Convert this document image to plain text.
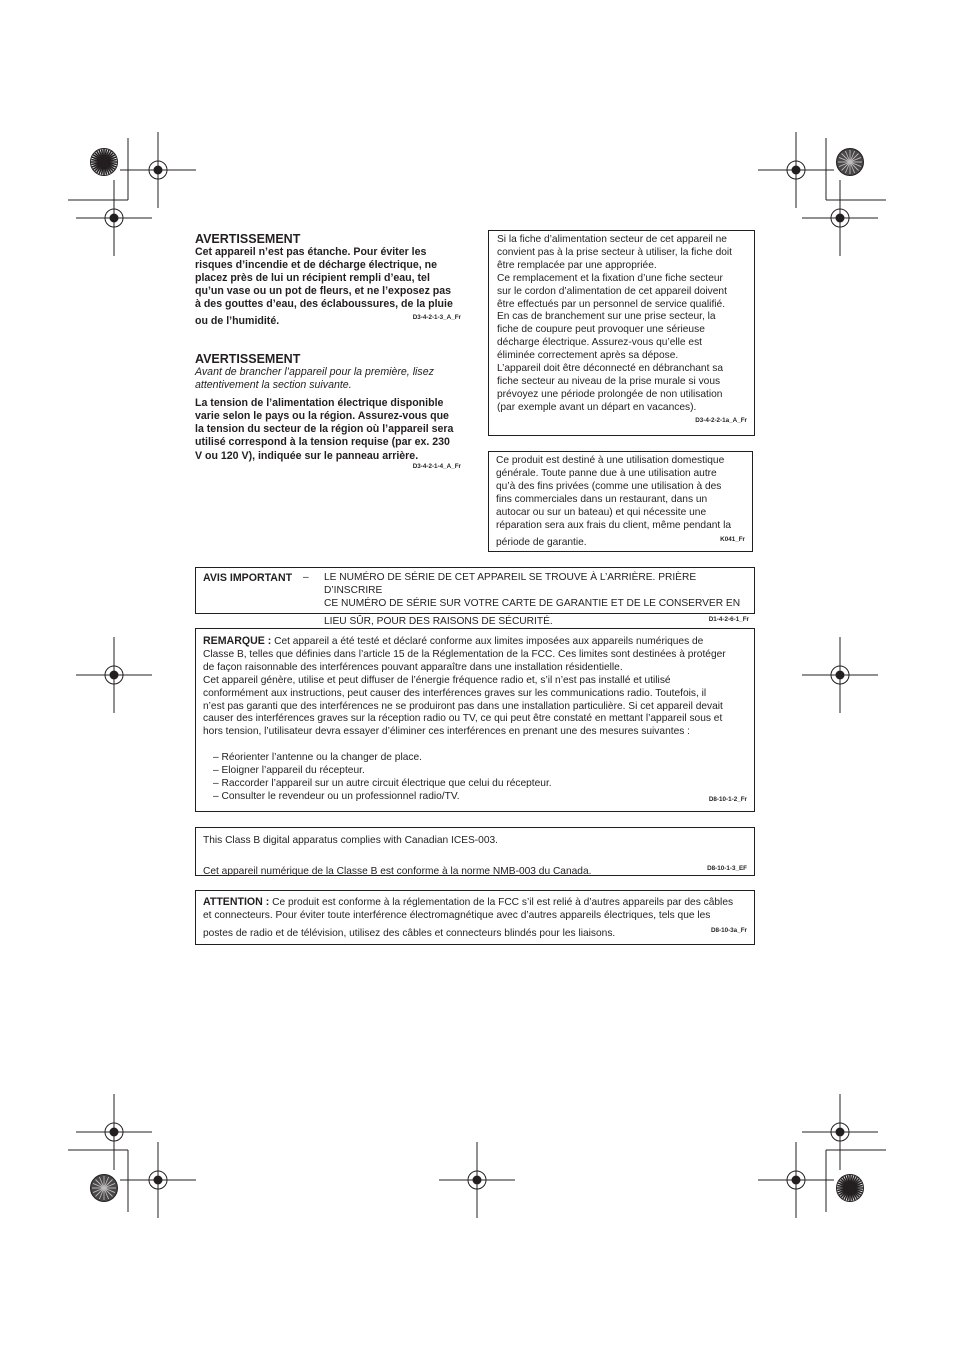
AVERTISSEMENT
Cet appareil n’est pas étanche. Pour éviter les
risques d’incendie et de décharge électrique, ne
placez près de lui un récipient rempli d’eau, tel
qu’un vase ou un pot de fleurs, et ne l’exposez pas
à des gouttes d’eau, des éclaboussures, de la pluie
ou de l’humidité.	D3-4-2-1-3_A_Fr
AVERTISSEMENT
Avant de brancher l’appareil pour la première, lisez
attentivement la section suivante.
La tension de l’alimentation électrique disponible
varie selon le pays ou la région. Assurez-vous que
la tension du secteur de la région où l’appareil sera
utilisé correspond à la tension requise (par ex. 230
V ou 120 V), indiquée sur le panneau arrière.
D3-4-2-1-4_A_Fr
Si la fiche d’alimentation secteur de cet appareil ne
convient pas à la prise secteur à utiliser, la fiche doit
être remplacée par une appropriée.
Ce remplacement et la fixation d’une fiche secteur
sur le cordon d’alimentation de cet appareil doivent
être effectués par un personnel de service qualifié.
En cas de branchement sur une prise secteur, la
fiche de coupure peut provoquer une sérieuse
décharge électrique. Assurez-vous qu’elle est
éliminée correctement après sa dépose.
L’appareil doit être déconnecté en débranchant sa
fiche secteur au niveau de la prise murale si vous
prévoyez une période prolongée de non utilisation
(par exemple avant un départ en vacances).
D3-4-2-2-1a_A_Fr
Ce produit est destiné à une utilisation domestique
générale. Toute panne due à une utilisation autre
qu’à des fins privées (comme une utilisation à des
fins commerciales dans un restaurant, dans un
autocar ou sur un bateau) et qui nécessite une
réparation sera aux frais du client, même pendant la
période de garantie.	K041_Fr
AVIS IMPORTANT – LE NUMÉRO DE SÉRIE DE CET APPAREIL SE TROUVE À L’ARRIÈRE. PRIÈRE D’INSCRIRE
CE NUMÉRO DE SÉRIE SUR VOTRE CARTE DE GARANTIE ET DE LE CONSERVER EN
LIEU SÛR, POUR DES RAISONS DE SÉCURITÉ.	D1-4-2-6-1_Fr
REMARQUE : Cet appareil a été testé et déclaré conforme aux limites imposées aux appareils numériques de
Classe B, telles que définies dans l’article 15 de la Réglementation de la FCC. Ces limites sont destinées à protéger
de façon raisonnable des interférences pouvant apparaître dans une installation résidentielle.
Cet appareil génère, utilise et peut diffuser de l’énergie fréquence radio et, s’il n’est pas installé et utilisé
conformément aux instructions, peut causer des interférences graves sur les communications radio. Toutefois, il
n’est pas garanti que des interférences ne se produiront pas dans une installation particulière. Si cet appareil devait
causer des interférences graves sur la réception radio ou TV, ce qui peut être constaté en mettant l’appareil sous et
hors tension, l’utilisateur devra essayer d’éliminer ces interférences en prenant une des mesures suivantes :
– Réorienter l’antenne ou la changer de place.
– Eloigner l’appareil du récepteur.
– Raccorder l’appareil sur un autre circuit électrique que celui du récepteur.
– Consulter le revendeur ou un professionnel radio/TV.	D8-10-1-2_Fr
This Class B digital apparatus complies with Canadian ICES-003.
Cet appareil numérique de la Classe B est conforme à la norme NMB-003 du Canada.	D8-10-1-3_EF
ATTENTION : Ce produit est conforme à la réglementation de la FCC s’il est relié à d’autres appareils par des câbles
et connecteurs. Pour éviter toute interférence électromagnétique avec d’autres appareils électriques, tels que les
postes de radio et de télévision, utilisez des câbles et connecteurs blindés pour les liaisons.	D8-10-3a_Fr
